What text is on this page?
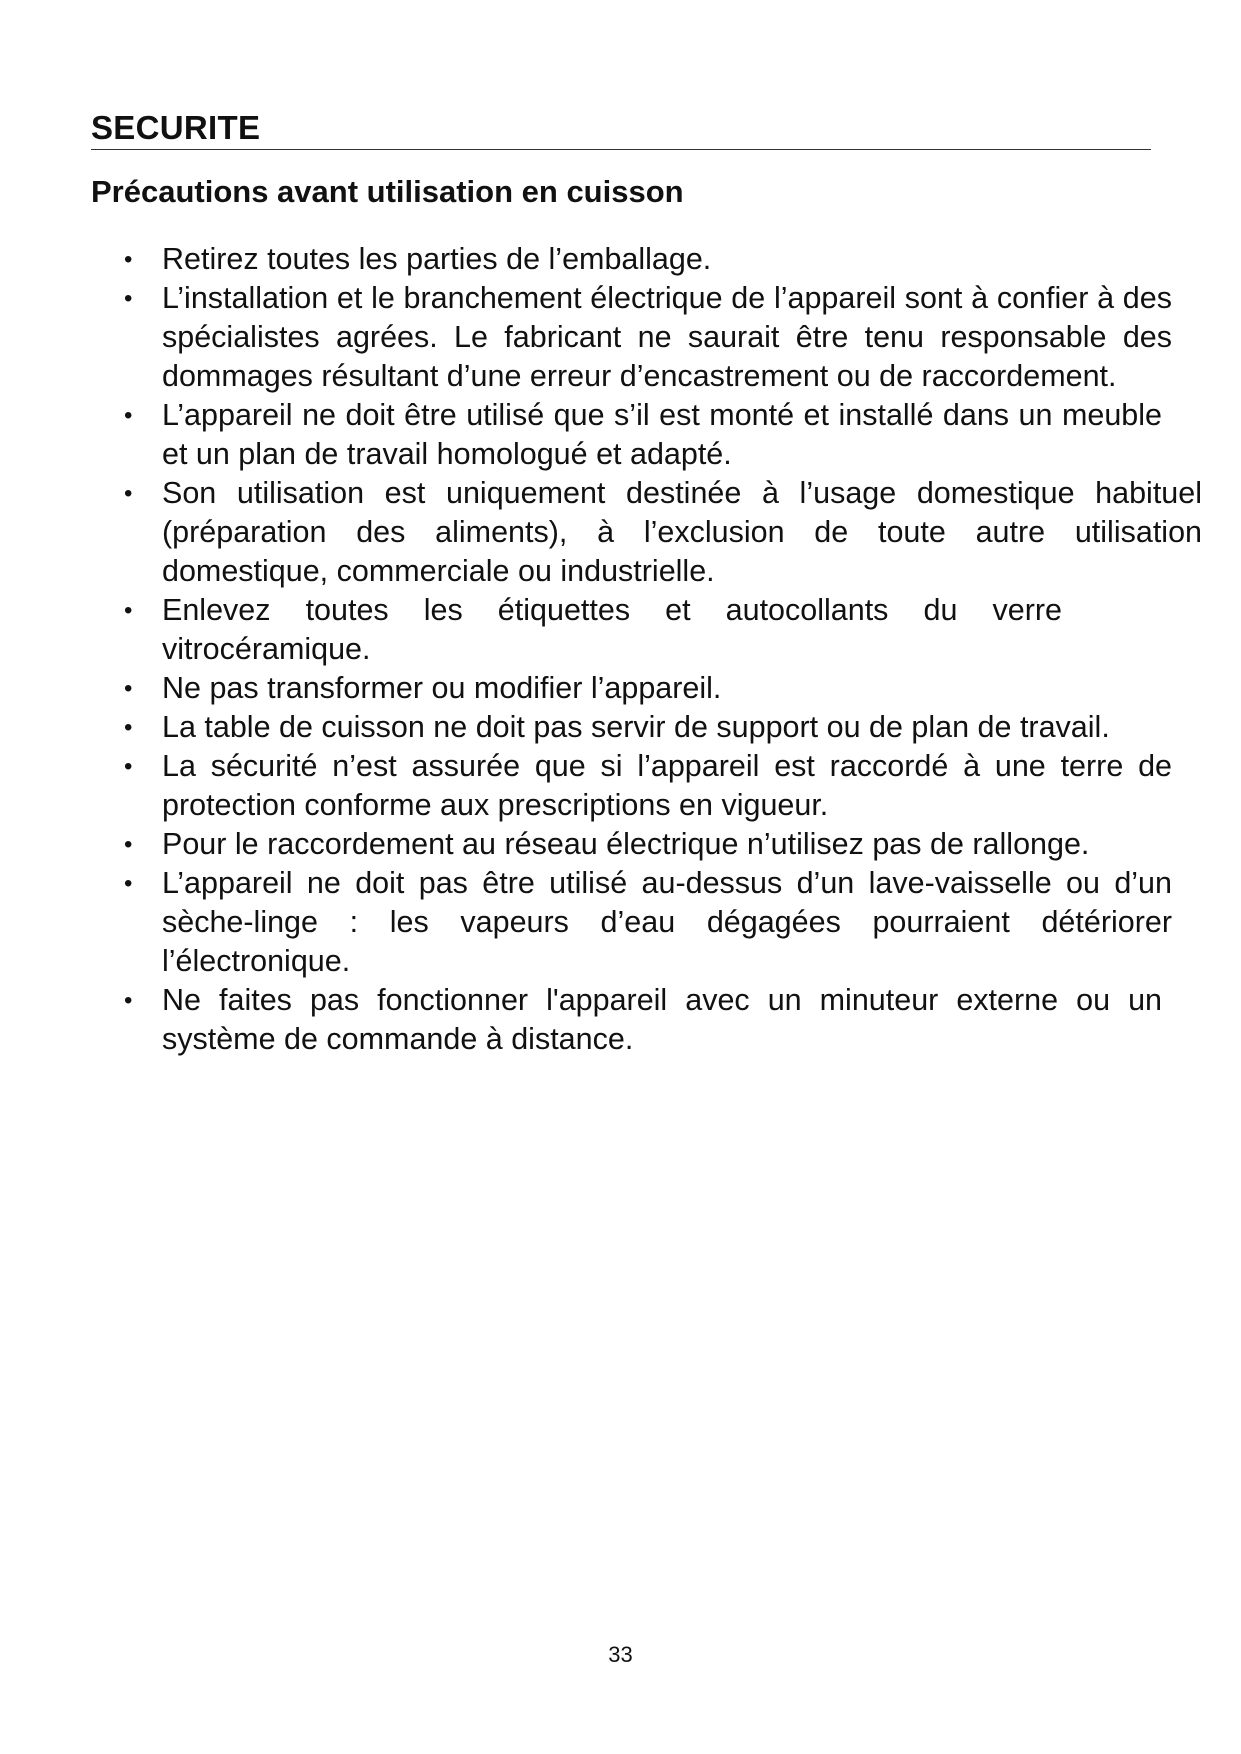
SECURITE
Précautions avant utilisation en cuisson
• Retirez toutes les parties de l’emballage.
• L’installation et le branchement électrique de l’appareil sont à confier à des spécialistes agrées. Le fabricant ne saurait être tenu responsable des dommages résultant d’une erreur d’encastrement ou de raccordement.
• L’appareil ne doit être utilisé que s’il est monté et installé dans un meuble et un plan de travail homologué et adapté.
• Son utilisation est uniquement destinée à l’usage domestique habituel (préparation des aliments), à l’exclusion de toute autre utilisation domestique, commerciale ou industrielle.
• Enlevez toutes les étiquettes et autocollants du verre vitrocéramique.
• Ne pas transformer ou modifier l’appareil.
• La table de cuisson ne doit pas servir de support ou de plan de travail.
• La sécurité n’est assurée que si l’appareil est raccordé à une terre de protection conforme aux prescriptions en vigueur.
• Pour le raccordement au réseau électrique n’utilisez pas de rallonge.
• L’appareil ne doit pas être utilisé au-dessus d’un lave-vaisselle ou d’un sèche-linge : les vapeurs d’eau dégagées pourraient détériorer l’électronique.
• Ne faites pas fonctionner l'appareil avec un minuteur externe ou un système de commande à distance.
33
